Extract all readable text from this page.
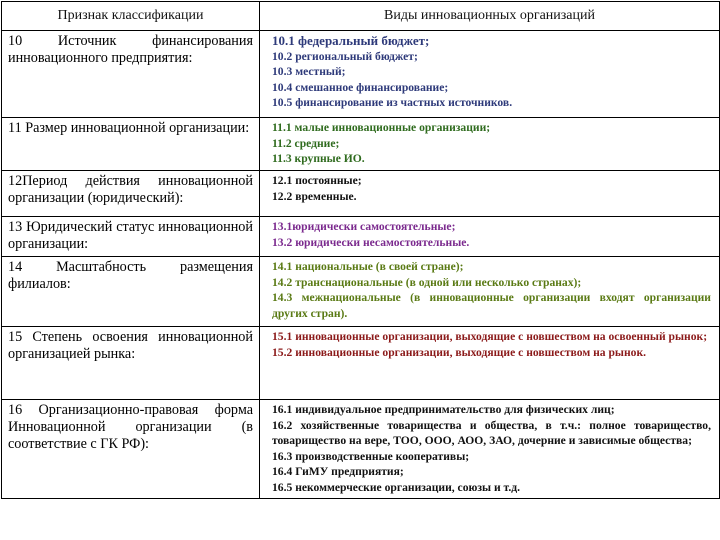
Признак классификации	Виды инновационных организаций
10 Источник финансирования инновационного предприятия:	10.1 федеральный бюджет;
10.2 региональный бюджет;
10.3 местный;
10.4 смешанное финансирование;
10.5 финансирование из частных источников.

11 Размер инновационной организации:	11.1 малые инновационные организации;
11.2 средние;
11.3 крупные ИО.

12Период действия инновационной организации (юридический):	12.1 постоянные;
12.2 временные.

13 Юридический статус инновационной организации:	13.1юридически самостоятельные;
13.2 юридически несамостоятельные.

14 Масштабность размещения филиалов:	14.1 национальные (в своей стране);
14.2 транснациональные (в одной или несколько странах);
14.3 межнациональные (в инновационные организации входят организации других стран).

15 Степень освоения инновационной организацией рынка:	15.1 инновационные организации, выходящие с новшеством на освоенный рынок;
15.2 инновационные организации, выходящие с новшеством на рынок.

16 Организационно-правовая форма Инновационной организации (в соответствие с ГК РФ):	16.1 индивидуальное предпринимательство для физических лиц;
16.2 хозяйственные товарищества и общества, в т.ч.: полное товарищество, товарищество на вере, ТОО, ООО, АОО, ЗАО, дочерние и зависимые общества;
16.3 производственные кооперативы;
16.4 ГиМУ предприятия;
16.5 некоммерческие организации, союзы и т.д.
